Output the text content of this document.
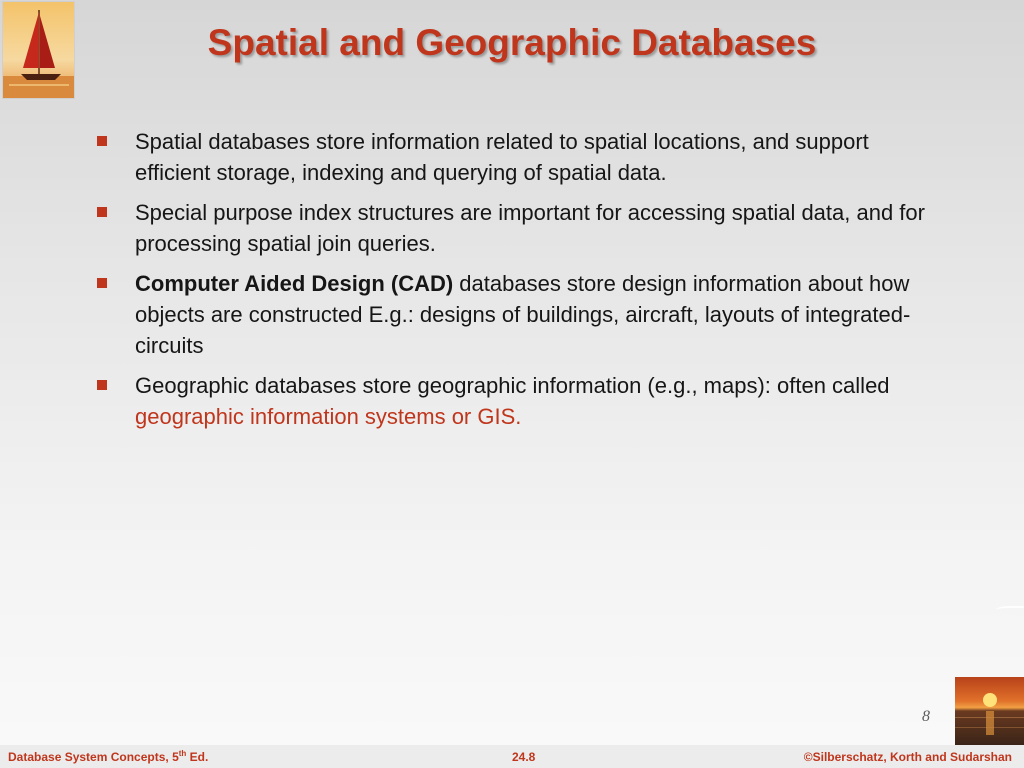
Spatial and Geographic Databases
Spatial databases store information related to spatial locations, and support efficient storage, indexing and querying of spatial data.
Special purpose index structures are important for accessing spatial data, and for processing spatial join queries.
Computer Aided Design (CAD) databases store design information about how objects are constructed E.g.: designs of buildings, aircraft, layouts of integrated-circuits
Geographic databases store geographic information (e.g., maps): often called geographic information systems or GIS.
8
Database System Concepts, 5th Ed.	24.8	©Silberschatz, Korth and Sudarshan
